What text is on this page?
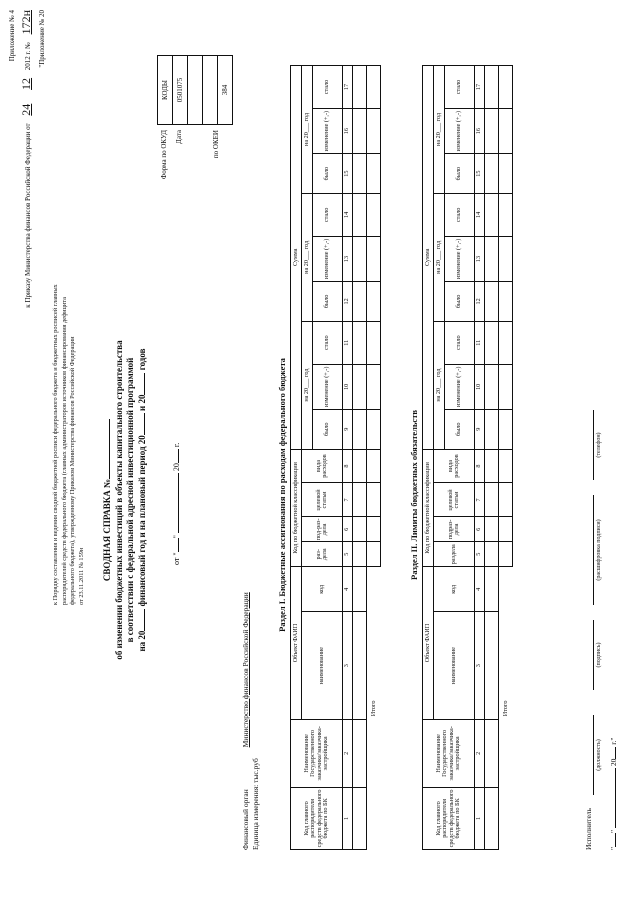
Приложение № 4
к Приказу Министерства финансов Российской Федерации от 24 12 2012 г. № 172н "Приложение № 20
к Порядку составления и ведения сводной бюджетной росписи федерального бюджета и бюджетных росписей главных распорядителей средств федерального бюджета (главных администраторов источников финансирования дефицита федерального бюджета), утвержденному Приказом Министерства финансов Российской Федерации от 23.11.2011 № 159н СВОДНАЯ СПРАВКА № об изменении бюджетных инвестиций в объекты капитального строительства в соответствии с федеральной адресной инвестиционной программой на 20 финансовый год и на плановый период 20 и 20 годов
от ""  20 г.
Форма по ОКУД Дата	по ОКЕИ
КОДЫ
0501075

384
Финансовый орган Министерство финансов Российской Федерации
Единица измерения: тыс.руб
Раздел I. Бюджетные ассигнования по расходам федерального бюджета
Код главного распорядителя средств федерального бюджета по БК	Наименование Государственного заказчика/заказчика-застройщика	Объект ФАИП		Код по бюджетной классификации				Сумма								
		наименование	код	раз-дела	под-раз-дела	целевой статьи	вида расходов	на 20___ год			на 20___ год			на 20___ год		
								было	изменение (+,-)	стало	было	изменение (+,-)	стало	было	изменение (+,-)	стало
1	2	3	4	5	6	7	8	9	10	11	12	13	14	15	16	17

Итого																
Раздел II. Лимиты бюджетных обязательств
Код главного распорядителя средств федерального бюджета по БК	Наименование Государственного заказчика/заказчика-застройщика	Объект ФАИП		Код по бюджетной классификации				Сумма								
		наименование	код	раздела	подраз-дела	целевой статьи	вида расходов	на 20___ год			на 20___ год			на 20___ год		
								было	изменение (+,-)	стало	было	изменение (+,-)	стало	было	изменение (+,-)	стало
1	2	3	4	5	6	7	8	9	10	11	12	13	14	15	16	17

Итого																
Исполнитель
(должность)
(подпись)
(расшифровка подписи)
(телефон)
""  20 г."
